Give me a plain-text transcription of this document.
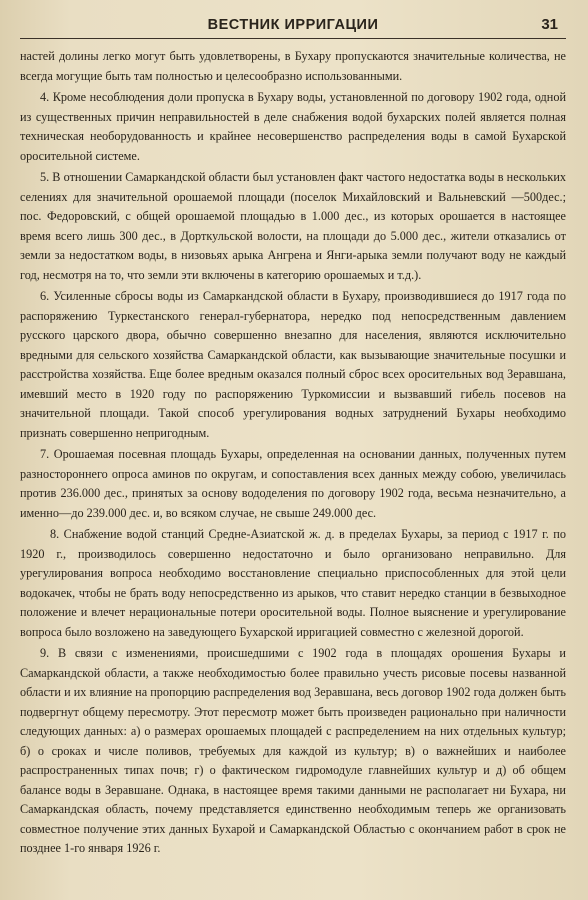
ВЕСТНИК ИРРИГАЦИИ	31

настей долины легко могут быть удовлетворены, в Бухару пропускаются значительные количества, не всегда могущие быть там полностью и целесообразно использованными.

4. Кроме несоблюдения доли пропуска в Бухару воды, установленной по договору 1902 года, одной из существенных причин неправильностей в деле снабжения водой бухарских полей является полная техническая необорудованность и крайнее несовершенство распределения воды в самой Бухарской оросительной системе.

5. В отношении Самаркандской области был установлен факт частого недостатка воды в нескольких селениях для значительной орошаемой площади (поселок Михайловский и Вальневский —500дес.; пос. Федоровский, с общей орошаемой площадью в 1.000 дес., из которых орошается в настоящее время всего лишь 300 дес., в Дорткульской волости, на площади до 5.000 дес., жители отказались от земли за недостатком воды, в низовьях арыка Ангрена и Янги-арыка земли получают воду не каждый год, несмотря на то, что земли эти включены в категорию орошаемых и т.д.).

6. Усиленные сбросы воды из Самаркандской области в Бухару, производившиеся до 1917 года по распоряжению Туркестанского генерал-губернатора, нередко под непосредственным давлением русского царского двора, обычно совершенно внезапно для населения, являются исключительно вредными для сельского хозяйства Самаркандской области, как вызывающие значительные посушки и расстройства хозяйства. Еще более вредным оказался полный сброс всех оросительных вод Зеравшана, имевший место в 1920 году по распоряжению Туркомиссии и вызвавший гибель посевов на значительной площади. Такой способ урегулирования водных затруднений Бухары необходимо признать совершенно непригодным.

7. Орошаемая посевная площадь Бухары, определенная на основании данных, полученных путем разностороннего опроса аминов по округам, и сопоставления всех данных между собою, увеличилась против 236.000 дес., принятых за основу вододеления по договору 1902 года, весьма незначительно, а именно—до 239.000 дес. и, во всяком случае, не свыше 249.000 дес.

8. Снабжение водой станций Средне-Азиатской ж. д. в пределах Бухары, за период с 1917 г. по 1920 г., производилось совершенно недостаточно и было организовано неправильно. Для урегулирования вопроса необходимо восстановление специально приспособленных для этой цели водокачек, чтобы не брать воду непосредственно из арыков, что ставит нередко станции в безвыходное положение и влечет нерациональные потери оросительной воды. Полное выяснение и урегулирование вопроса было возложено на заведующего Бухарской ирригацией совместно с железной дорогой.

9. В связи с изменениями, происшедшими с 1902 года в площадях орошения Бухары и Самаркандской области, а также необходимостью более правильно учесть рисовые посевы названной области и их влияние на пропорцию распределения вод Зеравшана, весь договор 1902 года должен быть подвергнут общему пересмотру. Этот пересмотр может быть произведен рационально при наличности следующих данных: а) о размерах орошаемых площадей с распределением на них отдельных культур; б) о сроках и числе поливов, требуемых для каждой из культур; в) о важнейших и наиболее распространенных типах почв; г) о фактическом гидромодуле главнейших культур и д) об общем балансе воды в Зеравшане. Однака, в настоящее время такими данными не располагает ни Бухара, ни Самаркандская область, почему представляется единственно необходимым теперь же организовать совместное получение этих данных Бухарой и Самаркандской Областью с окончанием работ в срок не позднее 1-го января 1926 г.
